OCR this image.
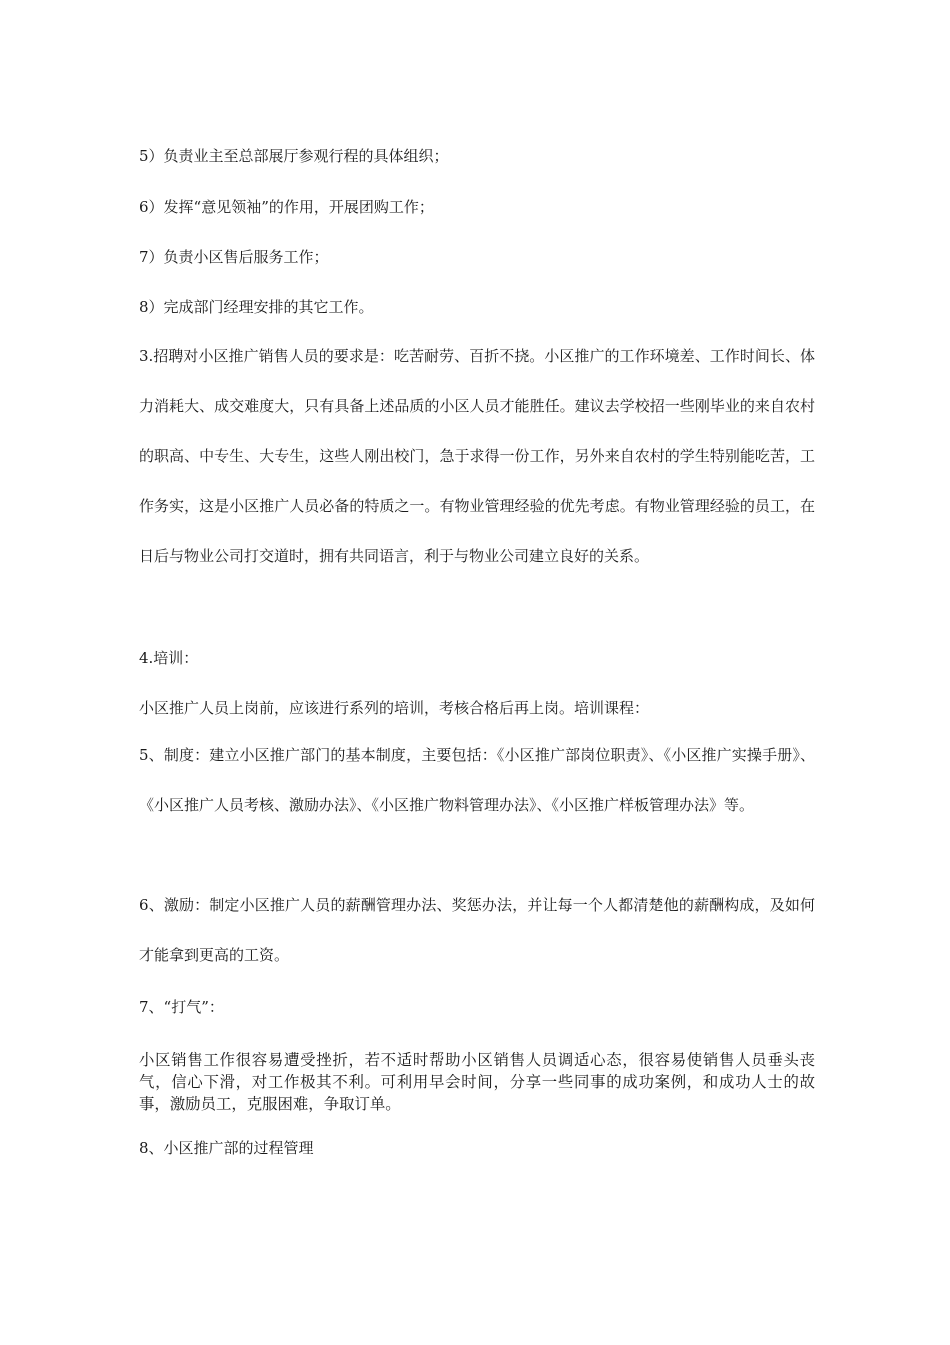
5）负责业主至总部展厅参观行程的具体组织；

6）发挥“意见领袖”的作用，开展团购工作；

7）负责小区售后服务工作；

8）完成部门经理安排的其它工作。

3.招聘对小区推广销售人员的要求是：吃苦耐劳、百折不挠。小区推广的工作环境差、工作时间长、体力消耗大、成交难度大，只有具备上述品质的小区人员才能胜任。建议去学校招一些刚毕业的来自农村的职高、中专生、大专生，这些人刚出校门，急于求得一份工作，另外来自农村的学生特别能吃苦，工作务实，这是小区推广人员必备的特质之一。有物业管理经验的优先考虑。有物业管理经验的员工，在日后与物业公司打交道时，拥有共同语言，利于与物业公司建立良好的关系。

4.培训：

小区推广人员上岗前，应该进行系列的培训，考核合格后再上岗。培训课程：

5、制度：建立小区推广部门的基本制度，主要包括：《小区推广部岗位职责》、《小区推广实操手册》、《小区推广人员考核、激励办法》、《小区推广物料管理办法》、《小区推广样板管理办法》等。

6、激励：制定小区推广人员的薪酬管理办法、奖惩办法，并让每一个人都清楚他的薪酬构成，及如何才能拿到更高的工资。

7、“打气”：

小区销售工作很容易遭受挫折，若不适时帮助小区销售人员调适心态，很容易使销售人员垂头丧气，信心下滑，对工作极其不利。可利用早会时间，分享一些同事的成功案例，和成功人士的故事，激励员工，克服困难，争取订单。

8、小区推广部的过程管理
